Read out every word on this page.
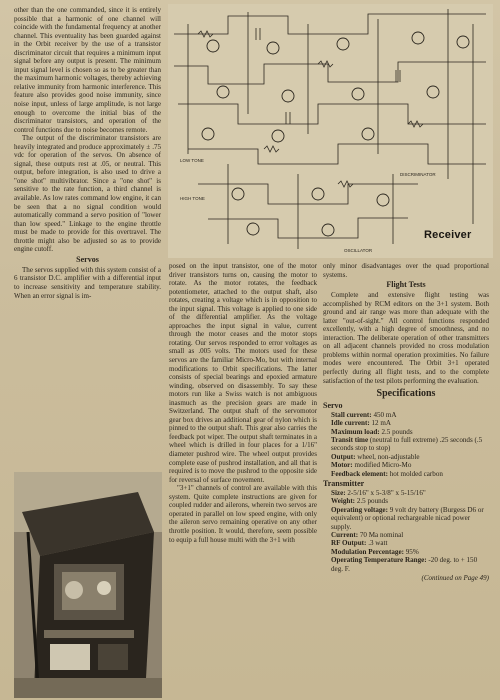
other than the one commanded, since it is entirely possible that a harmonic of one channel will coincide with the fundamental frequency at another channel. This eventuality has been guarded against in the Orbit receiver by the use of a transistor discriminator circuit that requires a minimum input signal before any output is present. The minimum input signal level is chosen so as to be greater than the maximum harmonic voltages, thereby achieving relative immunity from harmonic interference. This feature also provides good noise immunity, since noise input, unless of large amplitude, is not large enough to overcome the initial bias of the discriminator transistors, and operation of the control functions due to noise becomes remote.

The output of the discriminator transistors are heavily integrated and produce approximately ± .75 vdc for operation of the servos. On absence of signal, these outputs rest at .05, or neutral. This output, before integration, is also used to drive a "one shot" multivibrator. Since a "one shot" is sensitive to the rate function, a third channel is available. As low rates command low engine, it can be seen that a no signal condition would automatically command a servo position of "lower than low speed." Linkage to the engine throttle must be made to provide for this overtravel. The throttle might also be adjusted so as to provide engine cutoff.

Servos

The servos supplied with this system consist of a 6 transistor D.C. amplifier with a differential input to increase sensitivity and temperature stability. When an error signal is im-

LOW TONE
HIGH TONE
DISCRIMINATOR
OSCILLATOR
Receiver

posed on the input transistor, one of the motor driver transistors turns on, causing the motor to rotate. As the motor rotates, the feedback potentiometer, attached to the output shaft, also rotates, creating a voltage which is in opposition to the input signal. This voltage is applied to one side of the differential amplifier. As the voltage approaches the input signal in value, current through the motor ceases and the motor stops rotating. Our servos responded to error voltages as small as .005 volts. The motors used for these servos are the familiar Micro-Mo, but with internal modifications to Orbit specifications. The latter consists of special bearings and epoxied armature winding, observed on disassembly. To say these motors run like a Swiss watch is not ambiguous inasmuch as the precision gears are made in Switzerland. The output shaft of the servomotor gear box drives an additional gear of nylon which is pinned to the output shaft. This gear also carries the feedback pot wiper. The output shaft terminates in a wheel which is drilled in four places for a 1/16" diameter pushrod wire. The wheel output provides complete ease of pushrod installation, and all that is required is to move the pushrod to the opposite side for reversal of surface movement.

"3+1" channels of control are available with this system. Quite complete instructions are given for coupled rudder and ailerons, wherein two servos are operated in parallel on low speed engine, with only the aileron servo remaining operative on any other throttle position. It would, therefore, seem possible to equip a full house multi with the 3+1 with

only minor disadvantages over the quad proportional systems.

Flight Tests

Complete and extensive flight testing was accomplished by RCM editors on the 3+1 system. Both ground and air range was more than adequate with the latter "out-of-sight." All control functions responded excellently, with a high degree of smoothness, and no interaction. The deliberate operation of other transmitters on all adjacent channels provided no cross modulation problems within normal operation proximities. No failure modes were encountered. The Orbit 3+1 operated perfectly during all flight tests, and to the complete satisfaction of the test pilots performing the evaluation.

Specifications
Servo
Stall current: 450 mA
Idle current: 12 mA
Maximum load: 2.5 pounds
Transit time (neutral to full extreme) .25 seconds (.5 seconds stop to stop)
Output: wheel, non-adjustable
Motor: modified Micro-Mo
Feedback element: hot molded carbon
Transmitter
Size: 2-5/16" x 5-3/8" x 5-15/16"
Weight: 2.5 pounds
Operating voltage: 9 volt dry battery (Burgess D6 or equivalent) or optional rechargeable nicad power supply.
Current: 70 Ma nominal
RF Output: .3 watt
Modulation Percentage: 95%
Operating Temperature Range: -20 deg. to + 150 deg. F.
(Continued on Page 49)
